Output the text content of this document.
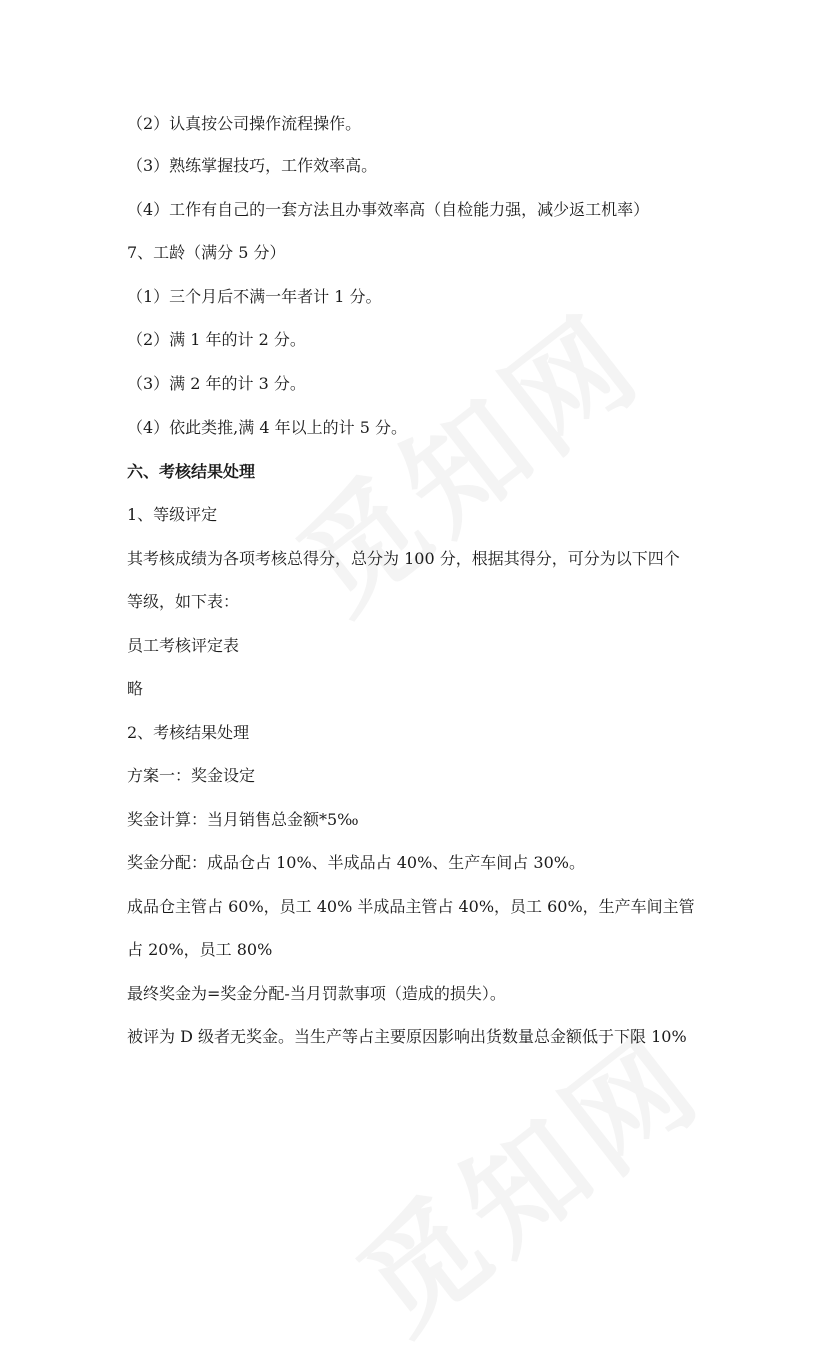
（2）认真按公司操作流程操作。
（3）熟练掌握技巧，工作效率高。
（4）工作有自己的一套方法且办事效率高（自检能力强，减少返工机率）
7、工龄（满分 5 分）
（1）三个月后不满一年者计 1 分。
（2）满 1 年的计 2 分。
（3）满 2 年的计 3 分。
（4）依此类推,满 4 年以上的计 5 分。
六、考核结果处理
1、等级评定
其考核成绩为各项考核总得分，总分为 100 分，根据其得分，可分为以下四个
等级，如下表：
员工考核评定表
略
2、考核结果处理
方案一：奖金设定
奖金计算：当月销售总金额*5‰
奖金分配：成品仓占 10%、半成品占 40%、生产车间占 30%。
成品仓主管占 60%，员工 40% 半成品主管占 40%，员工 60%，生产车间主管
占 20%，员工 80%
最终奖金为=奖金分配-当月罚款事项（造成的损失）。
被评为 D 级者无奖金。当生产等占主要原因影响出货数量总金额低于下限 10%
